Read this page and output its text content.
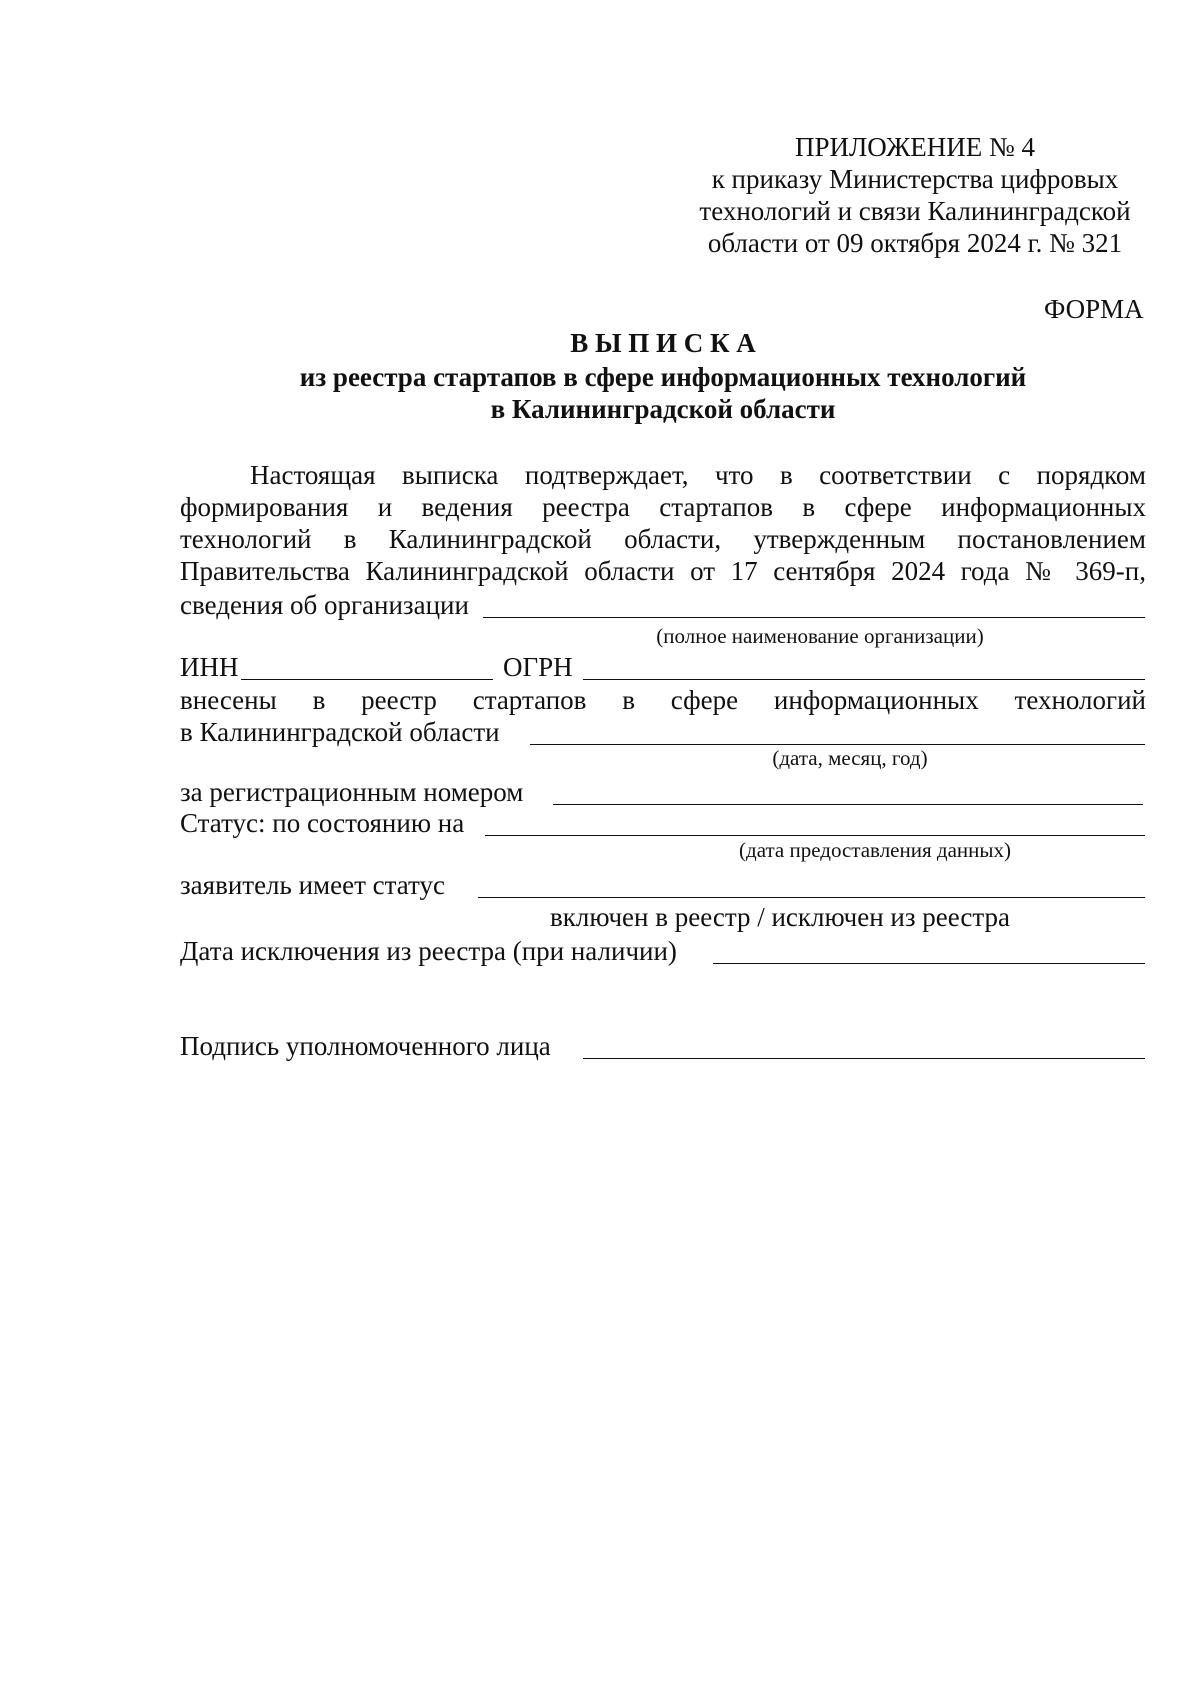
ПРИЛОЖЕНИЕ № 4
к приказу Министерства цифровых
технологий и связи Калининградской
области от 09 октября 2024 г. № 321
ФОРМА
В Ы П И С К А
из реестра стартапов в сфере информационных технологий
в Калининградской области
Настоящая выписка подтверждает, что в соответствии с порядком
формирования и ведения реестра стартапов в сфере информационных
технологий в Калининградской области, утвержденным постановлением
Правительства Калининградской области от 17 сентября 2024 года № 369-п,
сведения об организации
(полное наименование организации)
ИНН	ОГРН
внесены в реестр стартапов в сфере информационных технологий
в Калининградской области
(дата, месяц, год)
за регистрационным номером
Статус: по состоянию на
(дата предоставления данных)
заявитель имеет статус
включен в реестр / исключен из реестра
Дата исключения из реестра (при наличии)
Подпись уполномоченного лица
